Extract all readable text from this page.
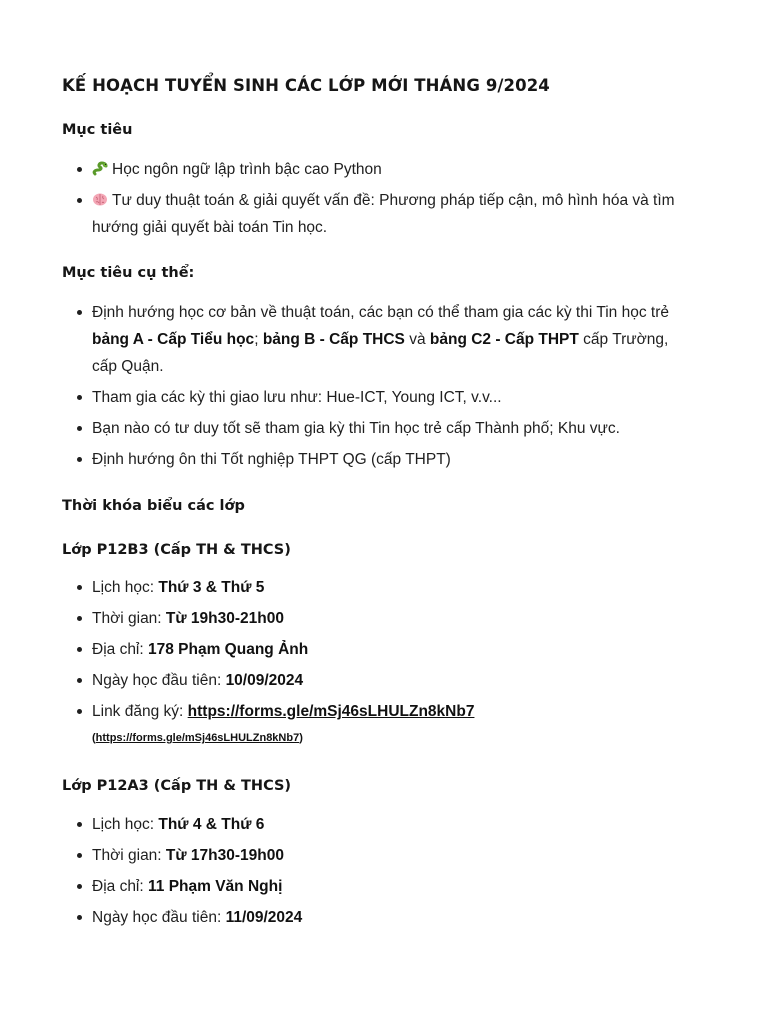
KẾ HOẠCH TUYỂN SINH CÁC LỚP MỚI THÁNG 9/2024
Mục tiêu
Học ngôn ngữ lập trình bậc cao Python
Tư duy thuật toán & giải quyết vấn đề: Phương pháp tiếp cận, mô hình hóa và tìm hướng giải quyết bài toán Tin học.
Mục tiêu cụ thể:
Định hướng học cơ bản về thuật toán, các bạn có thể tham gia các kỳ thi Tin học trẻ bảng A - Cấp Tiểu học; bảng B - Cấp THCS và bảng C2 - Cấp THPT cấp Trường, cấp Quận.
Tham gia các kỳ thi giao lưu như: Hue-ICT, Young ICT, v.v...
Bạn nào có tư duy tốt sẽ tham gia kỳ thi Tin học trẻ cấp Thành phố; Khu vực.
Định hướng ôn thi Tốt nghiệp THPT QG (cấp THPT)
Thời khóa biểu các lớp
Lớp P12B3 (Cấp TH & THCS)
Lịch học: Thứ 3 & Thứ 5
Thời gian: Từ 19h30-21h00
Địa chỉ: 178 Phạm Quang Ảnh
Ngày học đầu tiên: 10/09/2024
Link đăng ký: https://forms.gle/mSj46sLHULZn8kNb7
(https://forms.gle/mSj46sLHULZn8kNb7)
Lớp P12A3 (Cấp TH & THCS)
Lịch học: Thứ 4 & Thứ 6
Thời gian: Từ 17h30-19h00
Địa chỉ: 11 Phạm Văn Nghị
Ngày học đầu tiên: 11/09/2024
